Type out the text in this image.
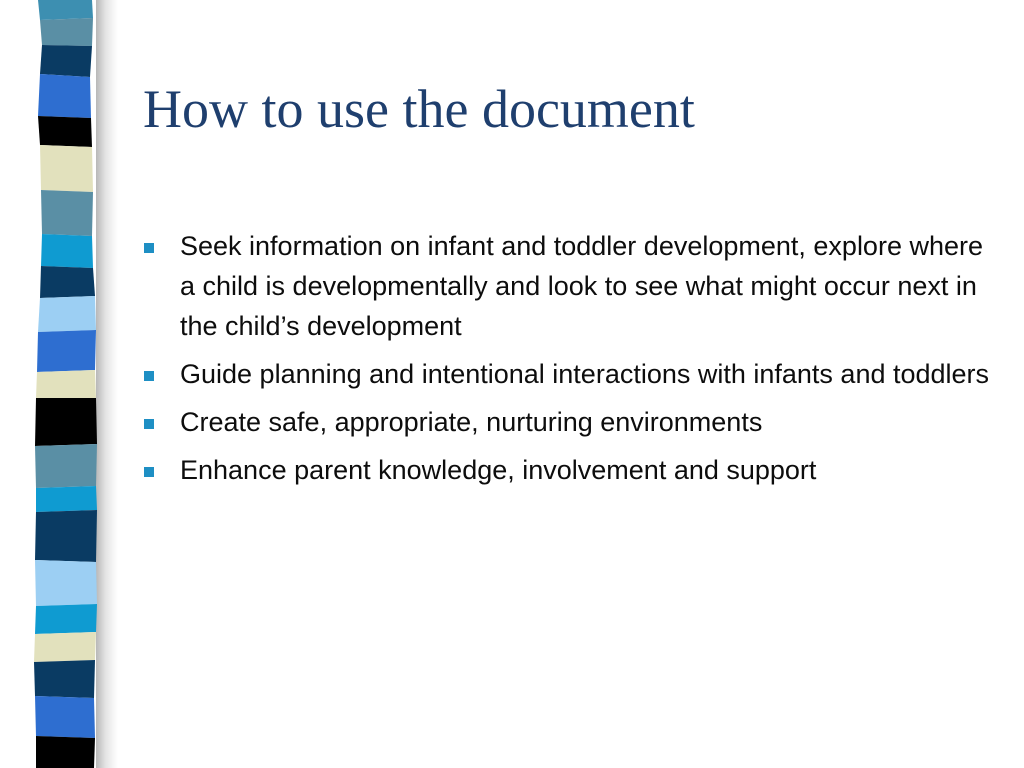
How to use the document
Seek information on infant and toddler development, explore where a child is developmentally and look to see what might occur next in the child’s development
Guide planning and intentional interactions with infants and toddlers
Create safe, appropriate, nurturing environments
Enhance parent knowledge, involvement and support
